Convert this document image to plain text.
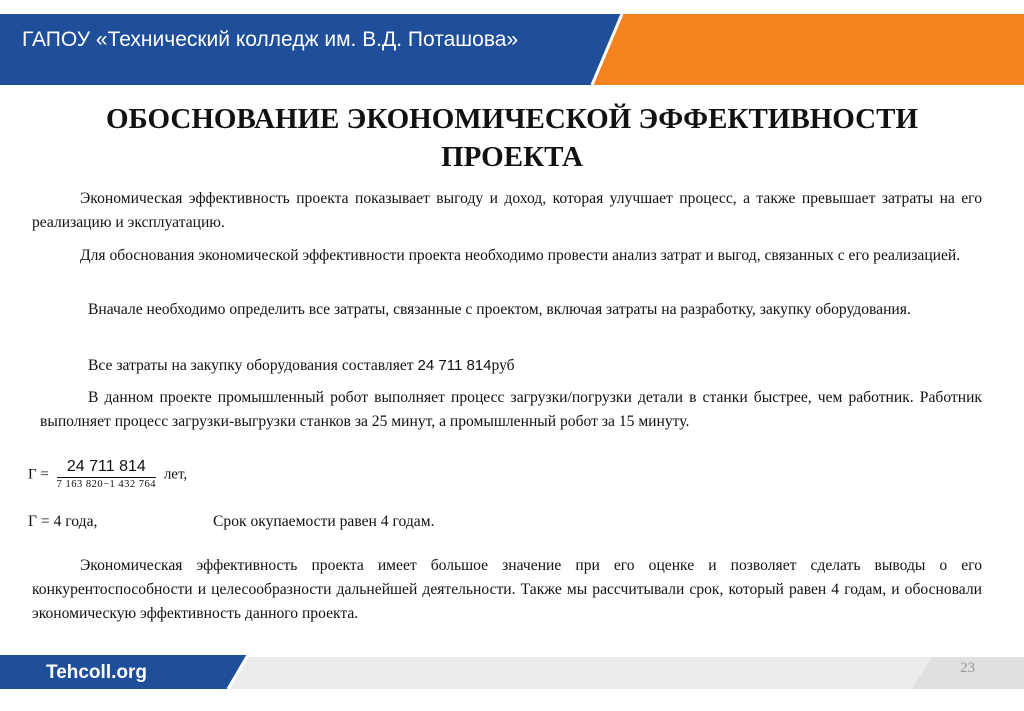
ГАПОУ «Технический колледж им. В.Д. Поташова»
ОБОСНОВАНИЕ ЭКОНОМИЧЕСКОЙ ЭФФЕКТИВНОСТИ
ПРОЕКТА
Экономическая эффективность проекта показывает выгоду и доход, которая улучшает процесс, а также превышает затраты на его реализацию и эксплуатацию.
Для обоснования экономической эффективности проекта необходимо провести анализ затрат и выгод, связанных с его реализацией.
Вначале необходимо определить все затраты, связанные с проектом, включая затраты на разработку, закупку оборудования.
Все затраты на закупку оборудования составляет 24 711 814руб
В данном проекте промышленный робот выполняет процесс загрузки/погрузки детали в станки быстрее, чем работник. Работник выполняет процесс загрузки-выгрузки станков за 25 минут, а промышленный робот за 15 минуту.
$Г = \frac{24 711 814}{7 163 820-1 432 764}$ лет,
Г = 4 года,	Срок окупаемости равен 4 годам.
Экономическая эффективность проекта имеет большое значение при его оценке и позволяет сделать выводы о его конкурентоспособности и целесообразности дальнейшей деятельности. Также мы рассчитывали срок, который равен 4 годам, и обосновали экономическую эффективность данного проекта.
Tehcoll.org	23
